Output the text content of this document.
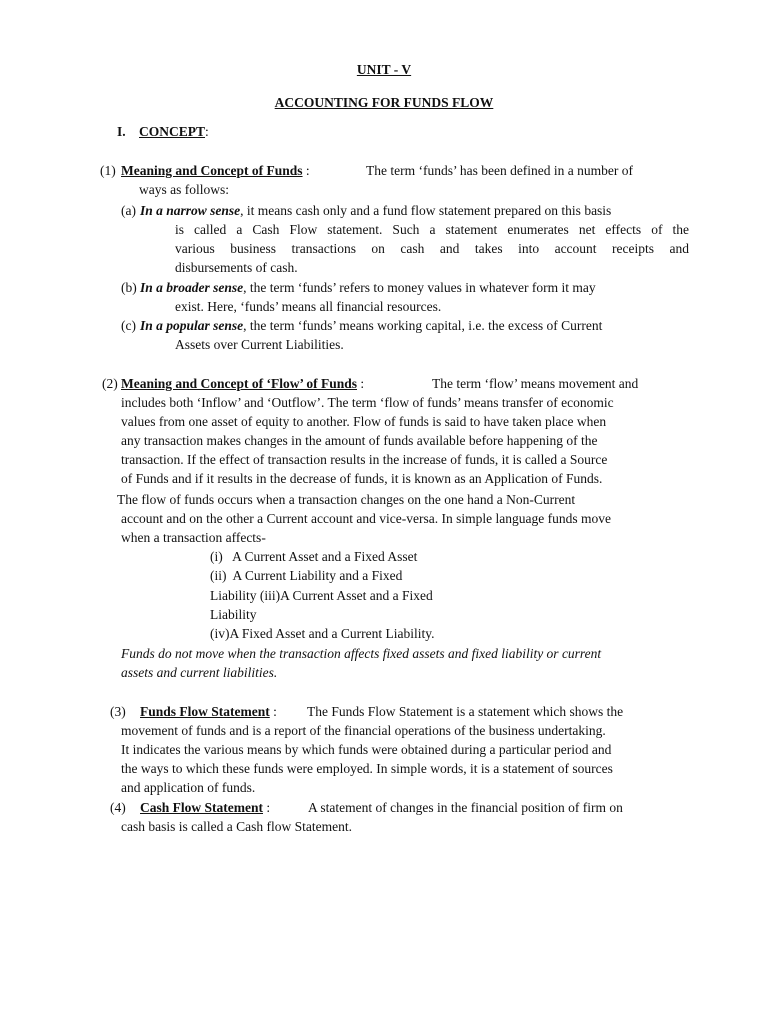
UNIT - V
ACCOUNTING FOR FUNDS FLOW
I. CONCEPT:
(1) Meaning and Concept of Funds :	The term ‘funds’ has been defined in a number of
ways as follows:
(a) In a narrow sense, it means cash only and a fund flow statement prepared on this basis
is called a Cash Flow statement. Such a statement enumerates net effects of the
various business transactions on cash and takes into account receipts and
disbursements of cash.
(b) In a broader sense, the term ‘funds’ refers to money values in whatever form it may
exist. Here, ‘funds’ means all financial resources.
(c) In a popular sense, the term ‘funds’ means working capital, i.e. the excess of Current
Assets over Current Liabilities.
(2) Meaning and Concept of ‘Flow’ of Funds :	The term ‘flow’ means movement and
includes both ‘Inflow’ and ‘Outflow’. The term ‘flow of funds’ means transfer of economic
values from one asset of equity to another. Flow of funds is said to have taken place when
any transaction makes changes in the amount of funds available before happening of the
transaction. If the effect of transaction results in the increase of funds, it is called a Source
of Funds and if it results in the decrease of funds, it is known as an Application of Funds.
The flow of funds occurs when a transaction changes on the one hand a Non-Current
account and on the other a Current account and vice-versa. In simple language funds move
when a transaction affects-
(i)   A Current Asset and a Fixed Asset
(ii)  A Current Liability and a Fixed
Liability (iii)A Current Asset and a Fixed
Liability
(iv)A Fixed Asset and a Current Liability.
Funds do not move when the transaction affects fixed assets and fixed liability or current
assets and current liabilities.
(3) Funds Flow Statement : The Funds Flow Statement is a statement which shows the
movement of funds and is a report of the financial operations of the business undertaking.
It indicates the various means by which funds were obtained during a particular period and
the ways to which these funds were employed. In simple words, it is a statement of sources
and application of funds.
(4) Cash Flow Statement :	A statement of changes in the financial position of firm on
cash basis is called a Cash flow Statement.
